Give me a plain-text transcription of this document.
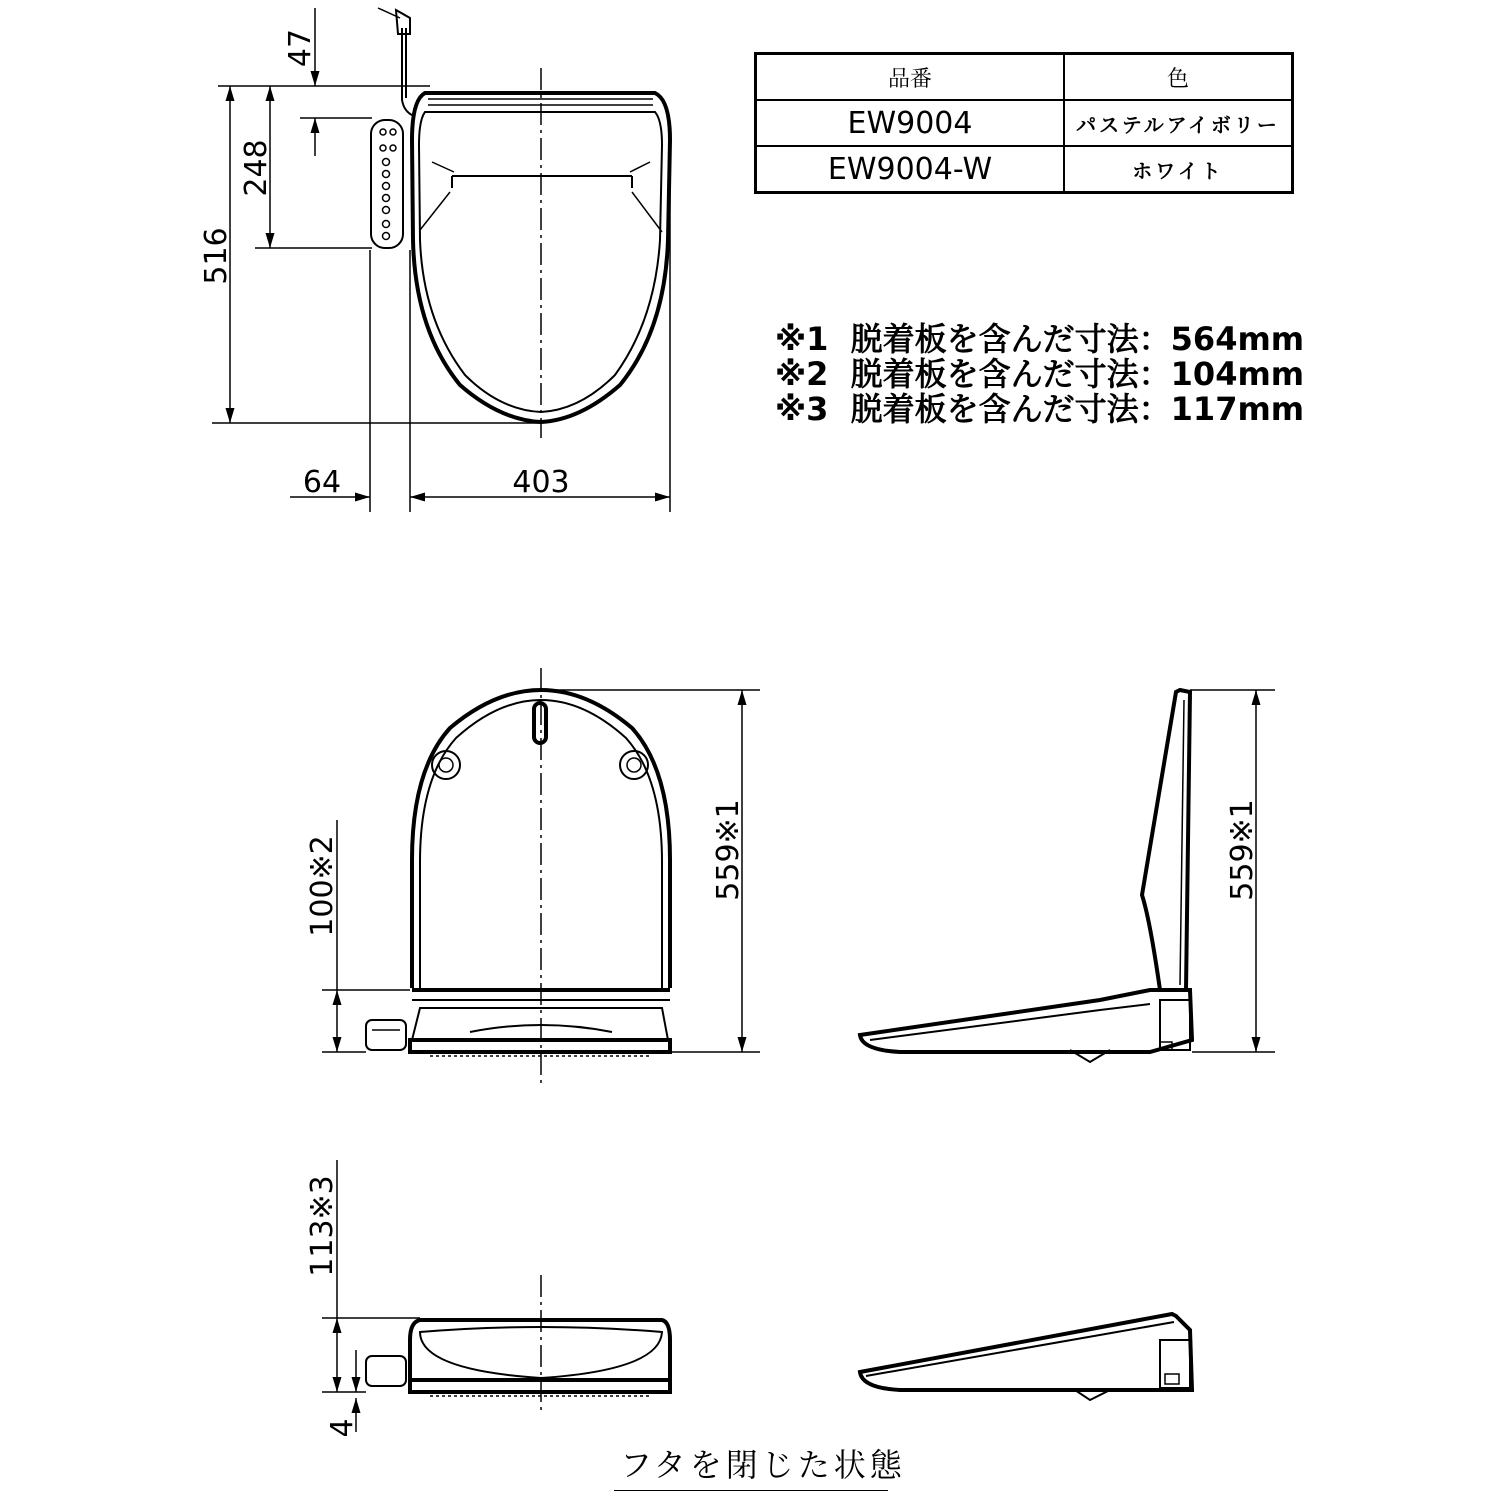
47
248
516
64	403
100※2	559※1	559※1
113※3
4
品番	色
EW9004	パステルアイボリー
EW9004-W	ホワイト
※1  脱着板を含んだ寸法：564mm
※2  脱着板を含んだ寸法：104mm
※3  脱着板を含んだ寸法：117mm
フタを閉じた状態
